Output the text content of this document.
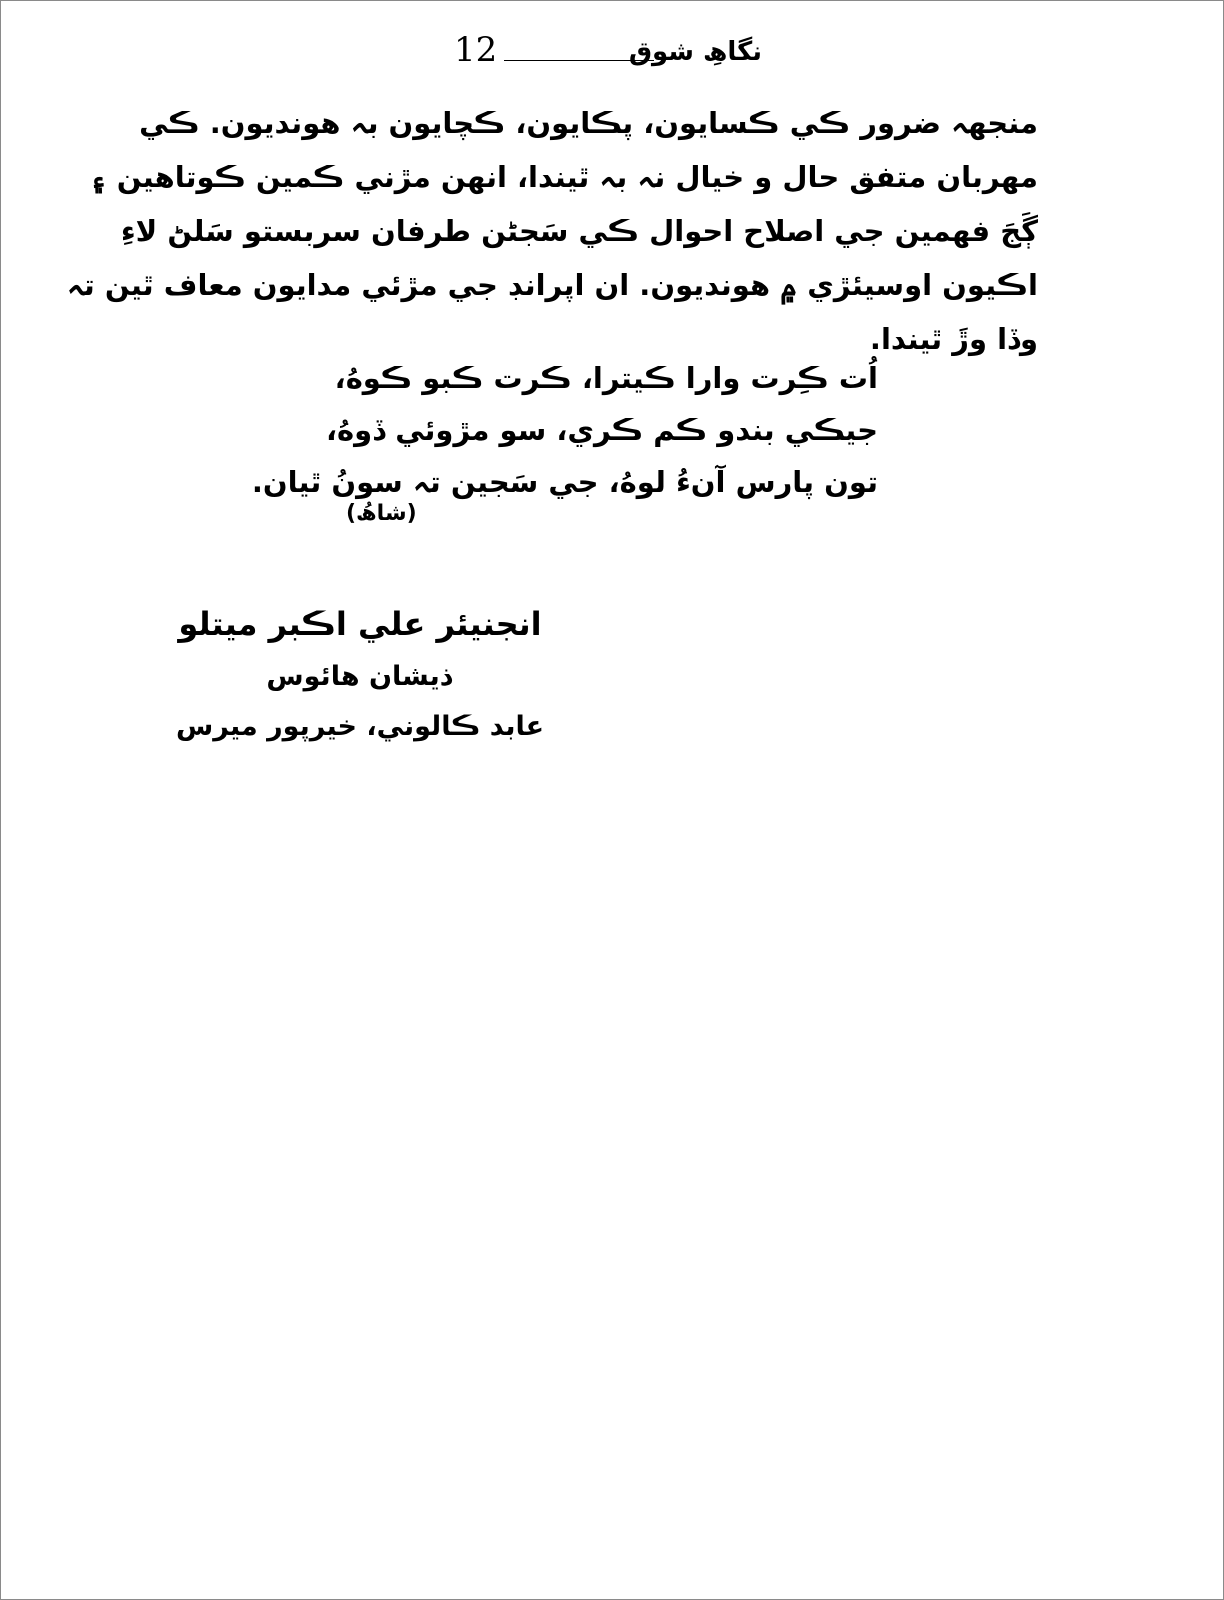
12	نگاھِ شوق
منجهہ ضرور ڪي ڪسايون، پڪايون، ڪچايون بہ هونديون. ڪي
مهربان متفق حال و خيال نہ بہ ٿيندا، انهن مڙني ڪمين ڪوتاهين ۽
ڳَجَ فهمين جي اصلاح احوال ڪي سَجڻن طرفان سربستو سَلڻ لاءِ
اڪيون اوسيئڙي ۾ هونديون. ان اپرانڊ جي مڙئي مدايون معاف ٿين تہ
وڏا وڙَ ٿيندا.
اُت ڪِرت وارا ڪيترا، ڪرت ڪبو ڪوهُ،
جيڪي بندو ڪم ڪري، سو مڙوئي ڏوهُ،
تون پارس آنءُ لوهُ، جي سَجين تہ سونُ ٿيان.
(شاھُ)
انجنيئر علي اڪبر ميتلو
ذيشان هائوس
عابد ڪالوني، خيرپور ميرس
